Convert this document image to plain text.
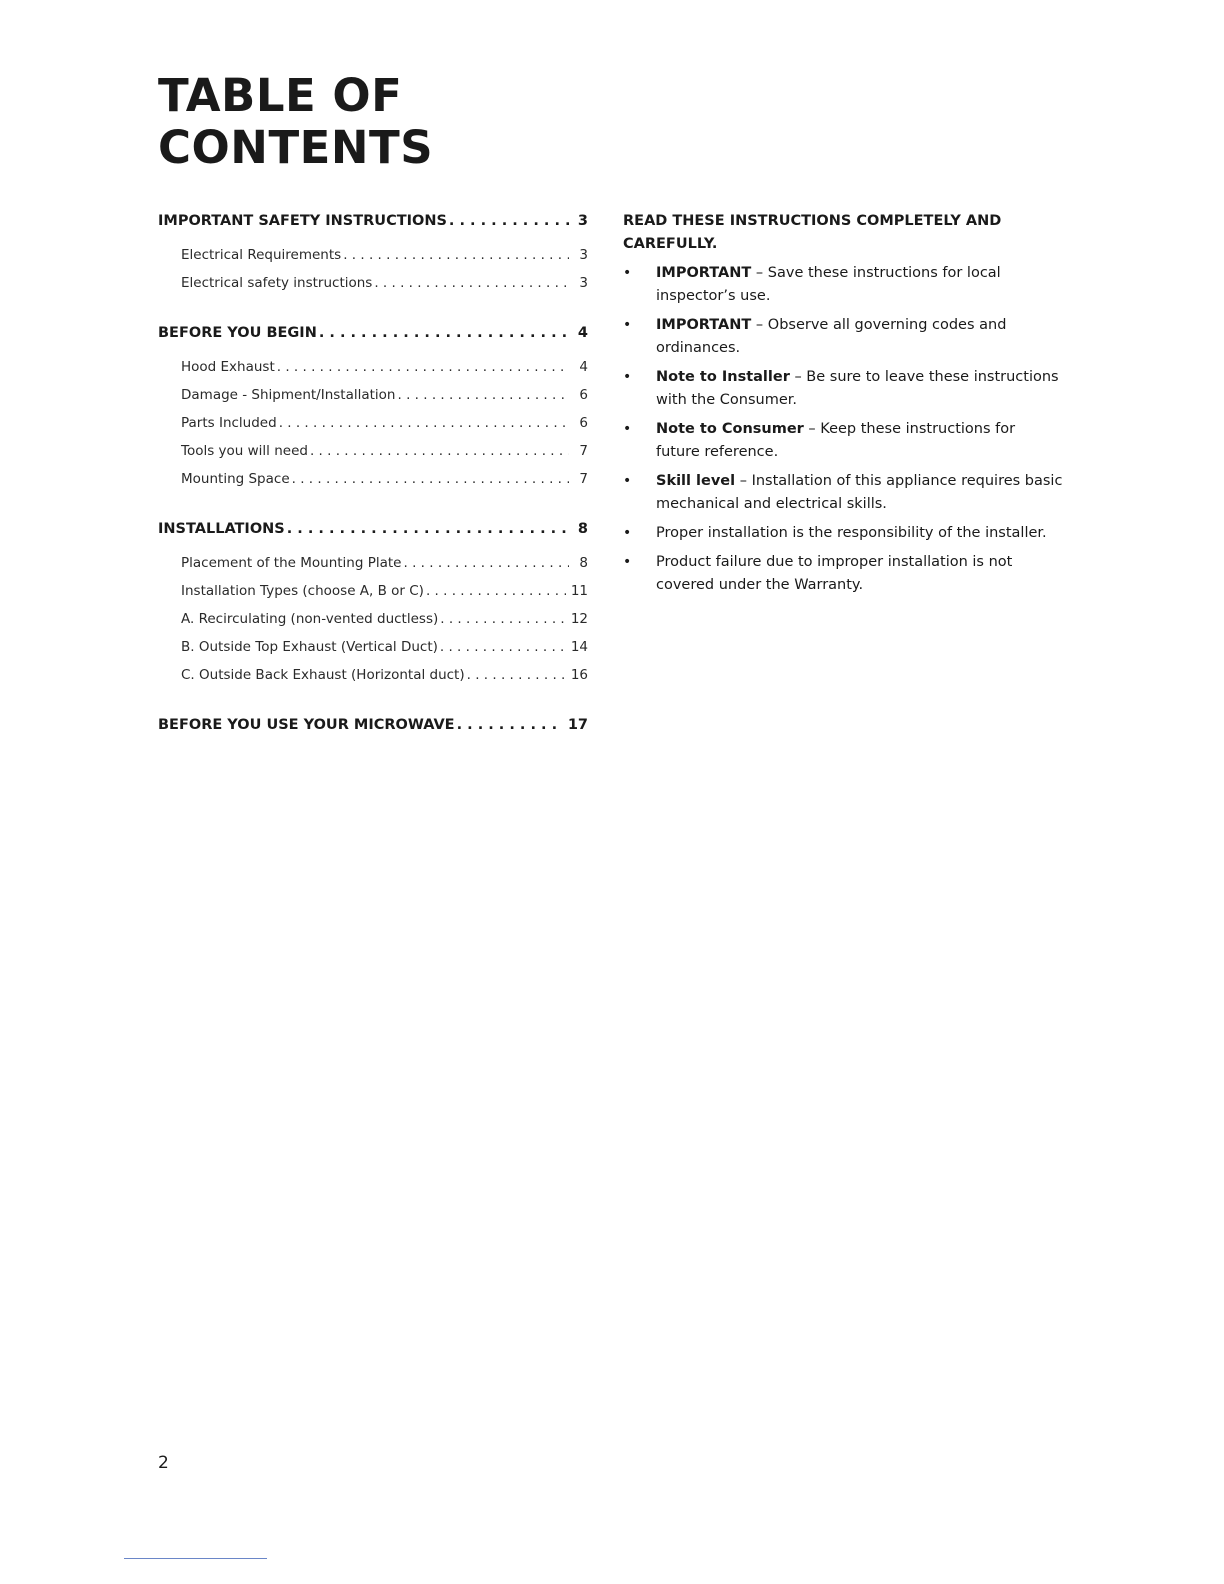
TABLE OF
CONTENTS
IMPORTANT SAFETY INSTRUCTIONS . . .	3
Electrical Requirements . . .	3
Electrical safety instructions . . .	3
BEFORE YOU BEGIN . . .	4
Hood Exhaust . . .	4
Damage - Shipment/Installation . . .	6
Parts Included . . .	6
Tools you will need . . .	7
Mounting Space . . .	7
INSTALLATIONS . . .	8
Placement of the Mounting Plate . . .	8
Installation Types (choose A, B or C) . . .	11
A. Recirculating (non-vented ductless) . . .	12
B. Outside Top Exhaust (Vertical Duct) . . .	14
C. Outside Back Exhaust (Horizontal duct) . . .	16
BEFORE YOU USE YOUR MICROWAVE . . .	17

READ THESE INSTRUCTIONS COMPLETELY AND CAREFULLY.

• IMPORTANT – Save these instructions for local inspector’s use.
• IMPORTANT – Observe all governing codes and ordinances.
• Note to Installer – Be sure to leave these instructions with the Consumer.
• Note to Consumer – Keep these instructions for future reference.
• Skill level – Installation of this appliance requires basic mechanical and electrical skills.
• Proper installation is the responsibility of the installer.
• Product failure due to improper installation is not covered under the Warranty.
2
